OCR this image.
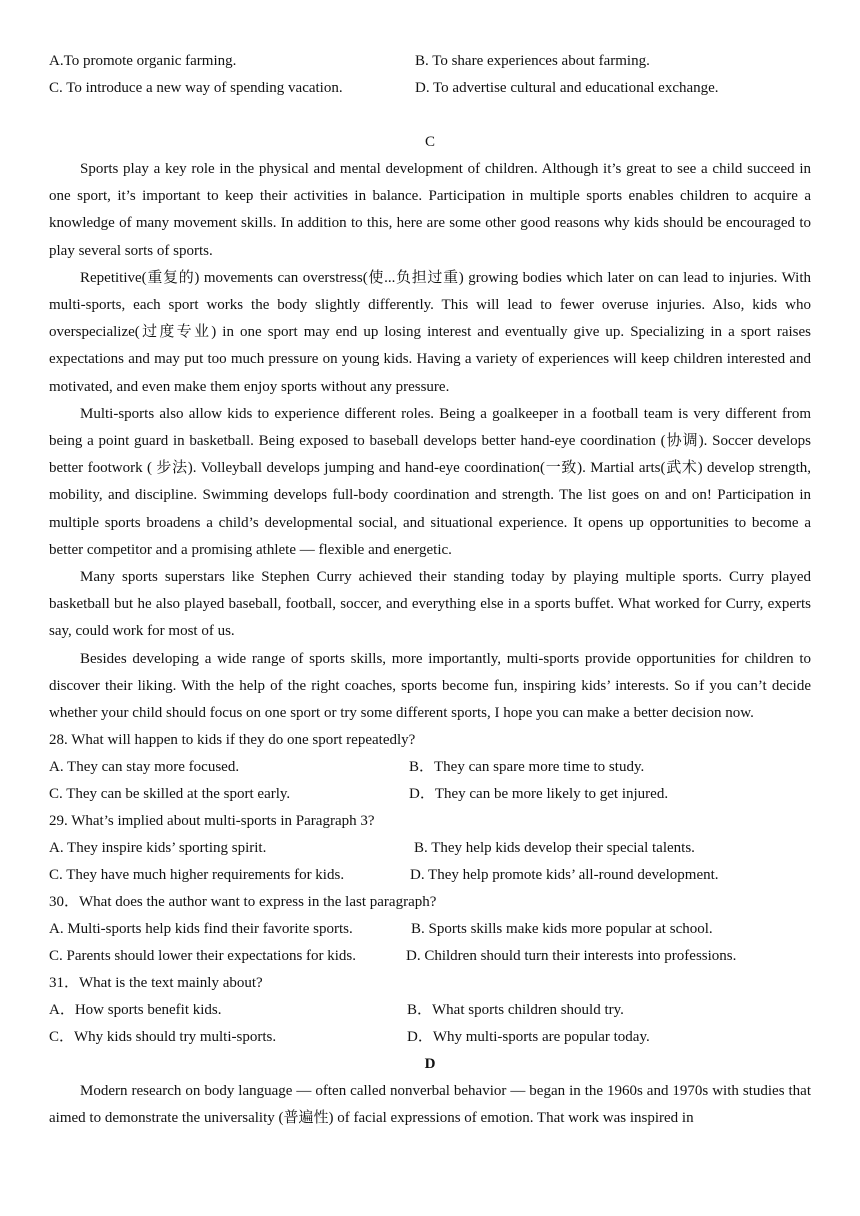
A.To promote organic farming.	B. To share experiences about farming.
C. To introduce a new way of spending vacation.	D. To advertise cultural and educational exchange.
C

Sports play a key role in the physical and mental development of children. Although it’s great to see a child succeed in one sport, it’s important to keep their activities in balance. Participation in multiple sports enables children to acquire a knowledge of many movement skills. In addition to this, here are some other good reasons why kids should be encouraged to play several sorts of sports.

Repetitive(重复的) movements can overstress(使...负担过重) growing bodies which later on can lead to injuries. With multi-sports, each sport works the body slightly differently. This will lead to fewer overuse injuries. Also, kids who overspecialize(过度专业) in one sport may end up losing interest and eventually give up. Specializing in a sport raises expectations and may put too much pressure on young kids. Having a variety of experiences will keep children interested and motivated, and even make them enjoy sports without any pressure.

Multi-sports also allow kids to experience different roles. Being a goalkeeper in a football team is very different from being a point guard in basketball. Being exposed to baseball develops better hand-eye coordination (协调). Soccer develops better footwork ( 步法). Volleyball develops jumping and hand-eye coordination(一致). Martial arts(武术) develop strength, mobility, and discipline. Swimming develops full-body coordination and strength. The list goes on and on! Participation in multiple sports broadens a child’s developmental social, and situational experience. It opens up opportunities to become a better competitor and a promising athlete — flexible and energetic.

Many sports superstars like Stephen Curry achieved their standing today by playing multiple sports. Curry played basketball but he also played baseball, football, soccer, and everything else in a sports buffet. What worked for Curry, experts say, could work for most of us.

Besides developing a wide range of sports skills, more importantly, multi-sports provide opportunities for children to discover their liking. With the help of the right coaches, sports become fun, inspiring kids’ interests. So if you can’t decide whether your child should focus on one sport or try some different sports, I hope you can make a better decision now.

28. What will happen to kids if they do one sport repeatedly?
A. They can stay more focused.	B．They can spare more time to study.
C. They can be skilled at the sport early.	D．They can be more likely to get injured.
29. What’s implied about multi-sports in Paragraph 3?
A. They inspire kids’ sporting spirit.	B. They help kids develop their special talents.
C. They have much higher requirements for kids.	D. They help promote kids’ all-round development.
30．What does the author want to express in the last paragraph?
A. Multi-sports help kids find their favorite sports.	B. Sports skills make kids more popular at school.
C. Parents should lower their expectations for kids.	D. Children should turn their interests into professions.
31．What is the text mainly about?
A．How sports benefit kids.	B．What sports children should try.
C．Why kids should try multi-sports.	D．Why multi-sports are popular today.
D

Modern research on body language — often called nonverbal behavior — began in the 1960s and 1970s with studies that aimed to demonstrate the universality (普遍性) of facial expressions of emotion. That work was inspired in
